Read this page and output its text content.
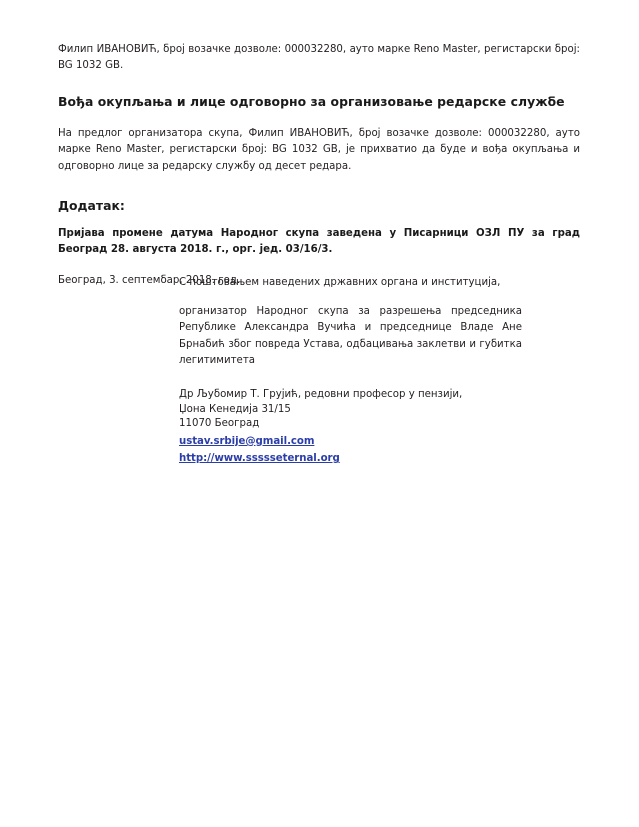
Филип ИВАНОВИЋ, број возачке дозволе: 000032280, ауто марке Reno Master, регистарски број: BG 1032 GB.

Вођа окупљања и лице одговорно за организовање редарске службе

На предлог организатора скупа, Филип ИВАНОВИЋ, број возачке дозволе: 000032280, ауто марке Reno Master, регистарски број: BG 1032 GB, је прихватио да буде и вођа окупљања и одговорно лице за редарску службу од десет редара.

Додатак:

Пријава промене датума Народног скупа заведена у Писарници ОЗЛ ПУ за град Београд 28. августа 2018. г., орг. јед. 03/16/3.

Београд, 3. септембар, 2018. год.

С поштовањем наведених државних органа и институција,

организатор Народног скупа за разрешења председника Републике Александра Вучића и председнице Владе Ане Брнабић због повреда Устава, одбацивања заклетви и губитка легитимитета

Др Љубомир Т. Грујић, редовни професор у пензији,

Џона Кенедија 31/15

11070 Београд

ustav.srbije@gmail.com
http://www.ssssseternal.org
